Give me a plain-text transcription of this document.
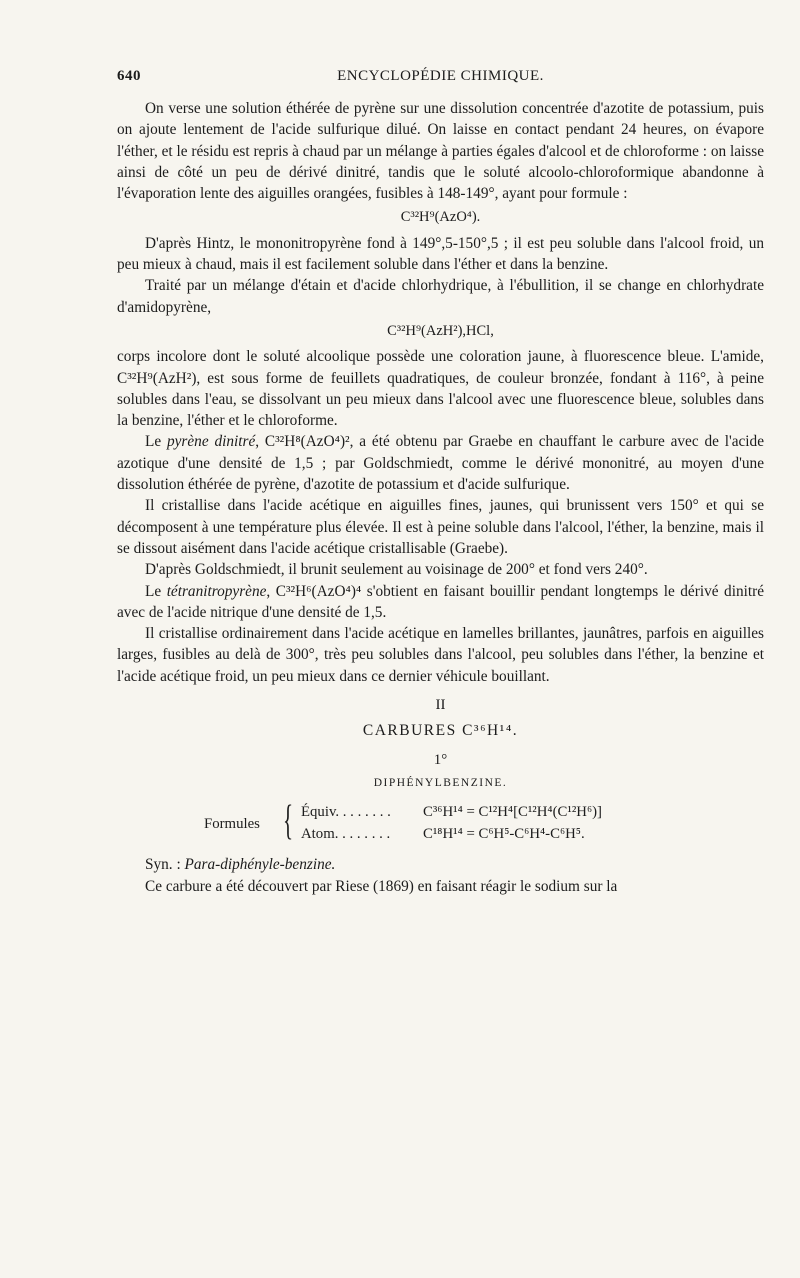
640	ENCYCLOPÉDIE CHIMIQUE.

On verse une solution éthérée de pyrène sur une dissolution concentrée d'azotite de potassium, puis on ajoute lentement de l'acide sulfurique dilué. On laisse en contact pendant 24 heures, on évapore l'éther, et le résidu est repris à chaud par un mélange à parties égales d'alcool et de chloroforme : on laisse ainsi de côté un peu de dérivé dinitré, tandis que le soluté alcoolo-chloroformique abandonne à l'évaporation lente des aiguilles orangées, fusibles à 148-149°, ayant pour formule :

C³²H⁹(AzO⁴).

D'après Hintz, le mononitropyrène fond à 149°,5-150°,5 ; il est peu soluble dans l'alcool froid, un peu mieux à chaud, mais il est facilement soluble dans l'éther et dans la benzine.

Traité par un mélange d'étain et d'acide chlorhydrique, à l'ébullition, il se change en chlorhydrate d'amidopyrène,

C³²H⁹(AzH²),HCl,

corps incolore dont le soluté alcoolique possède une coloration jaune, à fluorescence bleue. L'amide, C³²H⁹(AzH²), est sous forme de feuillets quadratiques, de couleur bronzée, fondant à 116°, à peine solubles dans l'eau, se dissolvant un peu mieux dans l'alcool avec une fluorescence bleue, solubles dans la benzine, l'éther et le chloroforme.

Le pyrène dinitré, C³²H⁸(AzO⁴)², a été obtenu par Graebe en chauffant le carbure avec de l'acide azotique d'une densité de 1,5 ; par Goldschmiedt, comme le dérivé mononitré, au moyen d'une dissolution éthérée de pyrène, d'azotite de potassium et d'acide sulfurique.

Il cristallise dans l'acide acétique en aiguilles fines, jaunes, qui brunissent vers 150° et qui se décomposent à une température plus élevée. Il est à peine soluble dans l'alcool, l'éther, la benzine, mais il se dissout aisément dans l'acide acétique cristallisable (Graebe).

D'après Goldschmiedt, il brunit seulement au voisinage de 200° et fond vers 240°.

Le tétranitropyrène, C³²H⁶(AzO⁴)⁴ s'obtient en faisant bouillir pendant longtemps le dérivé dinitré avec de l'acide nitrique d'une densité de 1,5.

Il cristallise ordinairement dans l'acide acétique en lamelles brillantes, jaunâtres, parfois en aiguilles larges, fusibles au delà de 300°, très peu solubles dans l'alcool, peu solubles dans l'éther, la benzine et l'acide acétique froid, un peu mieux dans ce dernier véhicule bouillant.

II
CARBURES C³⁶H¹⁴.
1°
DIPHÉNYLBENZINE.
Formules { Équiv. . . . . . . . C³⁶H¹⁴ = C¹²H⁴[C¹²H⁴(C¹²H⁶)]
Atom. . . . . . . . C¹⁸H¹⁴ = C⁶H⁵-C⁶H⁴-C⁶H⁵.

Syn. : Para-diphényle-benzine.

Ce carbure a été découvert par Riese (1869) en faisant réagir le sodium sur la
